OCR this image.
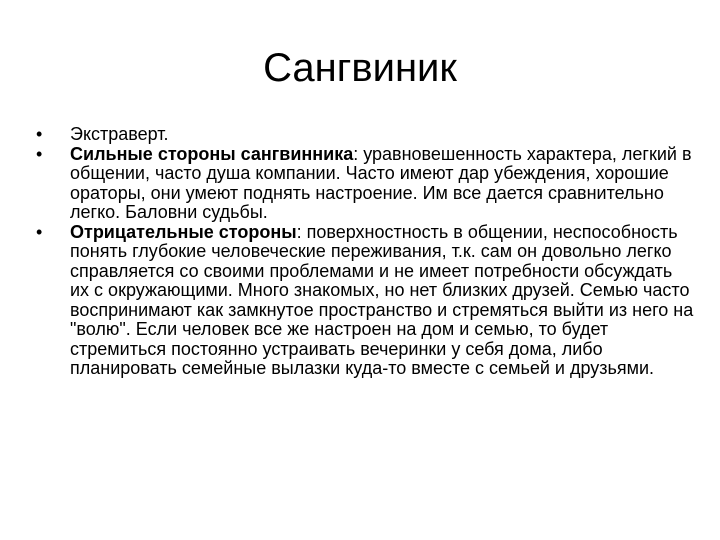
Сангвиник
•	Экстраверт.
•	Сильные стороны сангвинника: уравновешенность характера, легкий в общении, часто душа компании. Часто имеют дар убеждения, хорошие ораторы, они умеют поднять настроение. Им все дается сравнительно легко. Баловни судьбы.
•	Отрицательные стороны: поверхностность в общении, неспособность понять глубокие человеческие переживания, т.к. сам он довольно легко справляется со своими проблемами и не имеет потребности обсуждать их с окружающими. Много знакомых, но нет близких друзей. Семью часто воспринимают как замкнутое пространство и стремяться выйти из него на "волю". Если человек все же настроен на дом и семью, то будет стремиться постоянно устраивать вечеринки у себя дома, либо планировать семейные вылазки куда-то вместе с семьей и друзьями.
